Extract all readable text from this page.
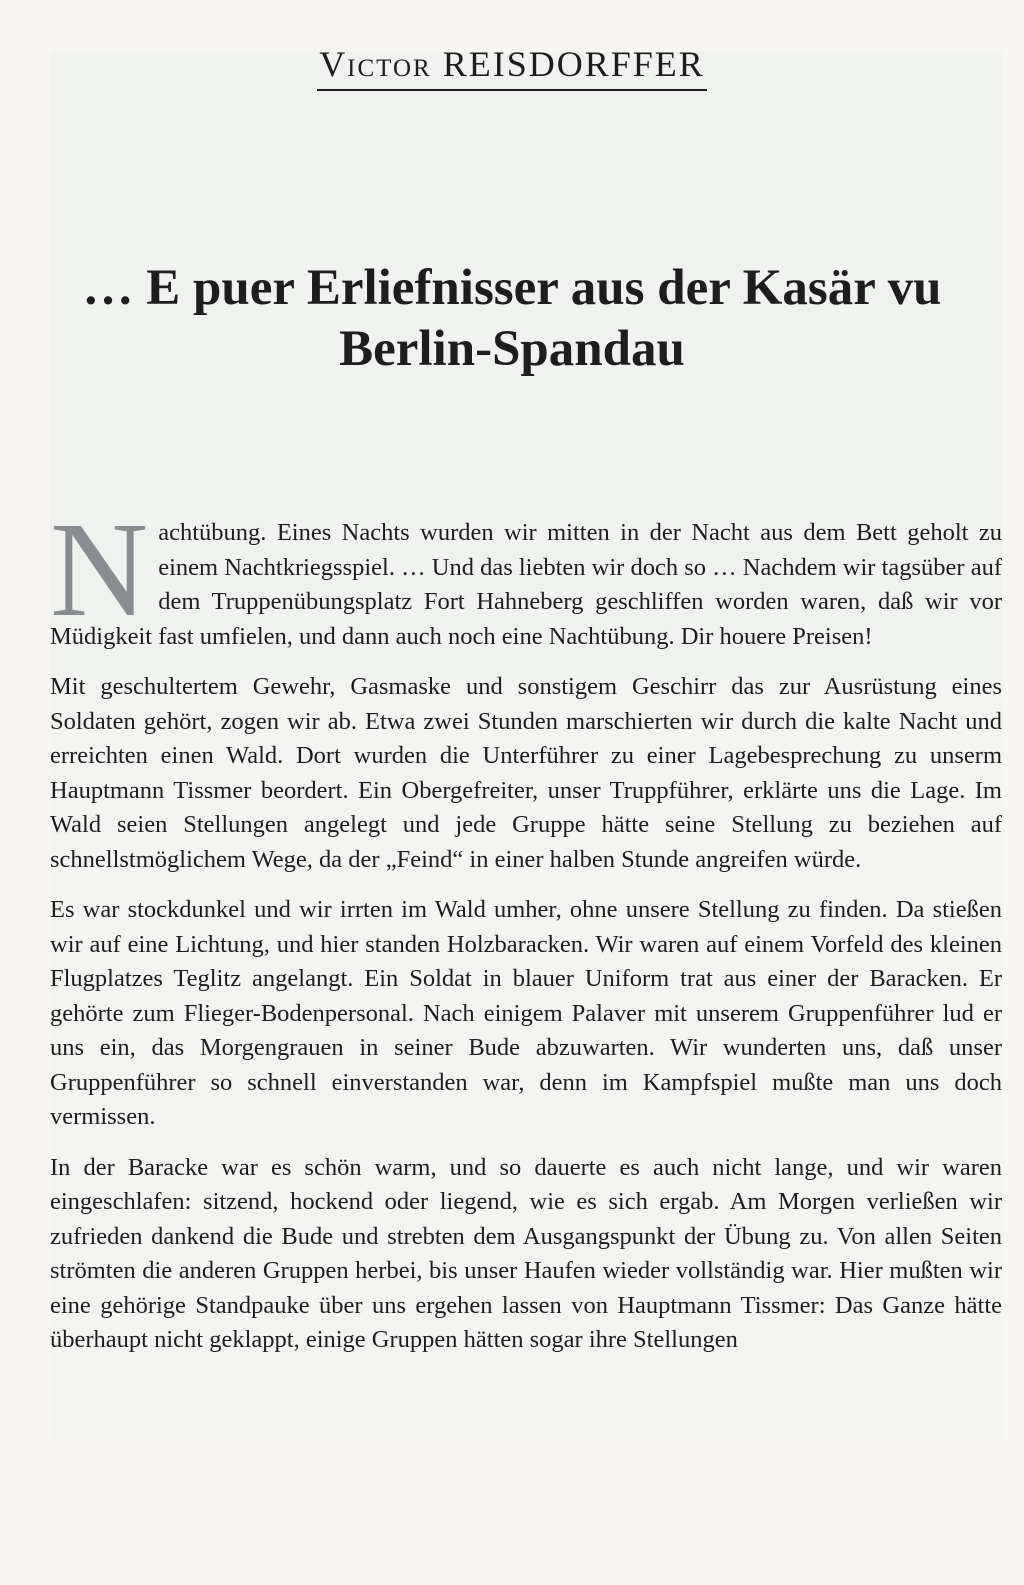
Victor REISDORFFER
… E puer Erliefnisser aus der Kasär vu
Berlin-Spandau

Nachtübung. Eines Nachts wurden wir mitten in der Nacht aus dem Bett geholt zu einem Nachtkriegsspiel. … Und das liebten wir doch so … Nachdem wir tagsüber auf dem Truppenübungsplatz Fort Hahneberg geschliffen worden waren, daß wir vor Müdigkeit fast umfielen, und dann auch noch eine Nachtübung. Dir houere Preisen!

Mit geschultertem Gewehr, Gasmaske und sonstigem Geschirr das zur Ausrüstung eines Soldaten gehört, zogen wir ab. Etwa zwei Stunden marschierten wir durch die kalte Nacht und erreichten einen Wald. Dort wurden die Unterführer zu einer Lagebesprechung zu unserm Hauptmann Tissmer beordert. Ein Obergefreiter, unser Truppführer, erklärte uns die Lage. Im Wald seien Stellungen angelegt und jede Gruppe hätte seine Stellung zu beziehen auf schnellstmöglichem Wege, da der „Feind“ in einer halben Stunde angreifen würde.

Es war stockdunkel und wir irrten im Wald umher, ohne unsere Stellung zu finden. Da stießen wir auf eine Lichtung, und hier standen Holzbaracken. Wir waren auf einem Vorfeld des kleinen Flugplatzes Teglitz angelangt. Ein Soldat in blauer Uniform trat aus einer der Baracken. Er gehörte zum Flieger-Bodenpersonal. Nach einigem Palaver mit unserem Gruppenführer lud er uns ein, das Morgengrauen in seiner Bude abzuwarten. Wir wunderten uns, daß unser Gruppenführer so schnell einverstanden war, denn im Kampfspiel mußte man uns doch vermissen.

In der Baracke war es schön warm, und so dauerte es auch nicht lange, und wir waren eingeschlafen: sitzend, hockend oder liegend, wie es sich ergab. Am Morgen verließen wir zufrieden dankend die Bude und strebten dem Ausgangspunkt der Übung zu. Von allen Seiten strömten die anderen Gruppen herbei, bis unser Haufen wieder vollständig war. Hier mußten wir eine gehörige Standpauke über uns ergehen lassen von Hauptmann Tissmer: Das Ganze hätte überhaupt nicht geklappt, einige Gruppen hätten sogar ihre Stellungen
